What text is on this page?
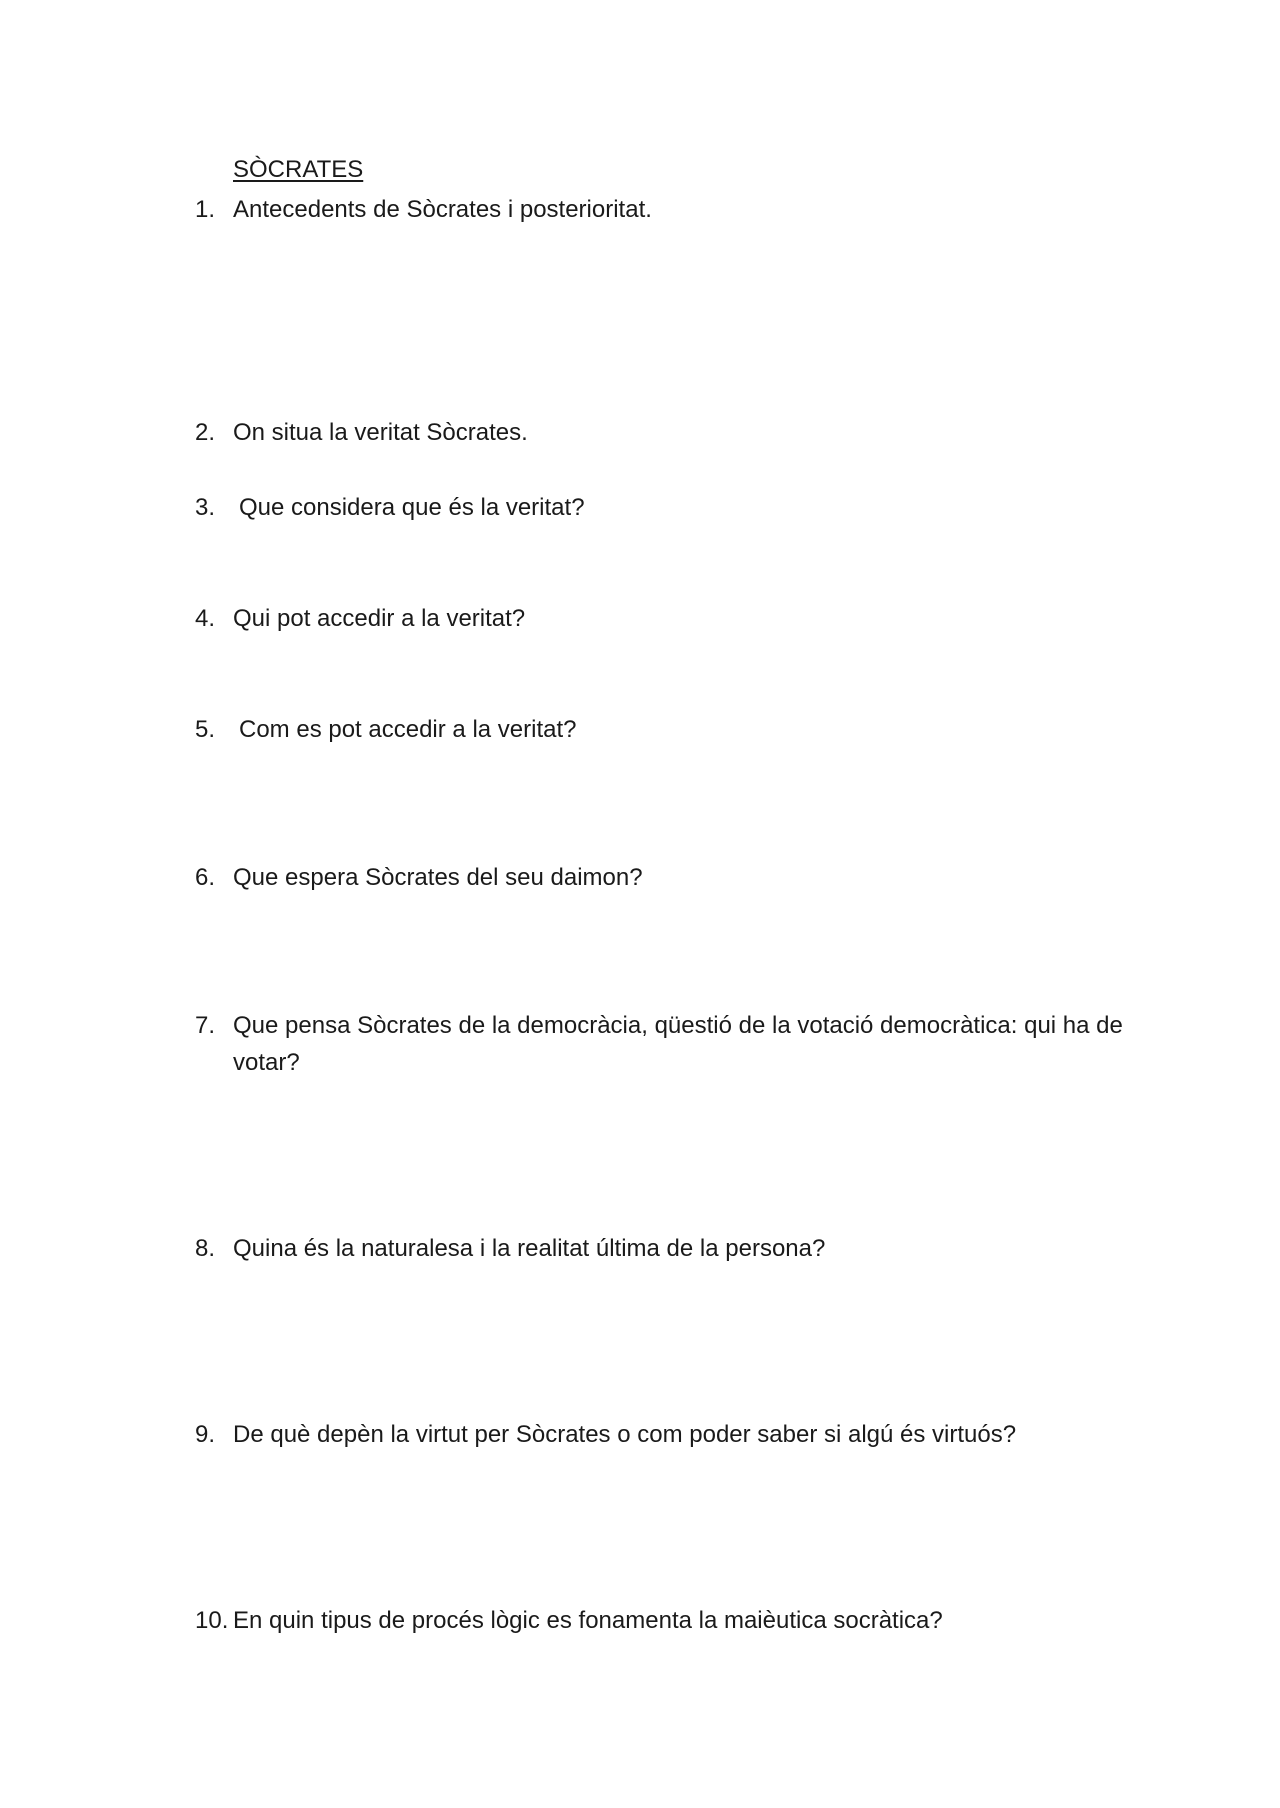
SÒCRATES
1. Antecedents de Sòcrates i posterioritat.
2. On situa la veritat Sòcrates.
3. Que considera que és la veritat?
4. Qui pot accedir a la veritat?
5. Com es pot accedir a la veritat?
6. Que espera Sòcrates del seu daimon?
7. Que pensa Sòcrates de la democràcia, qüestió de la votació democràtica: qui ha de votar?
8. Quina és la naturalesa i la realitat última de la persona?
9. De què depèn la virtut per Sòcrates o com poder saber si algú és virtuós?
10. En quin tipus de procés lògic es fonamenta la maièutica socràtica?
